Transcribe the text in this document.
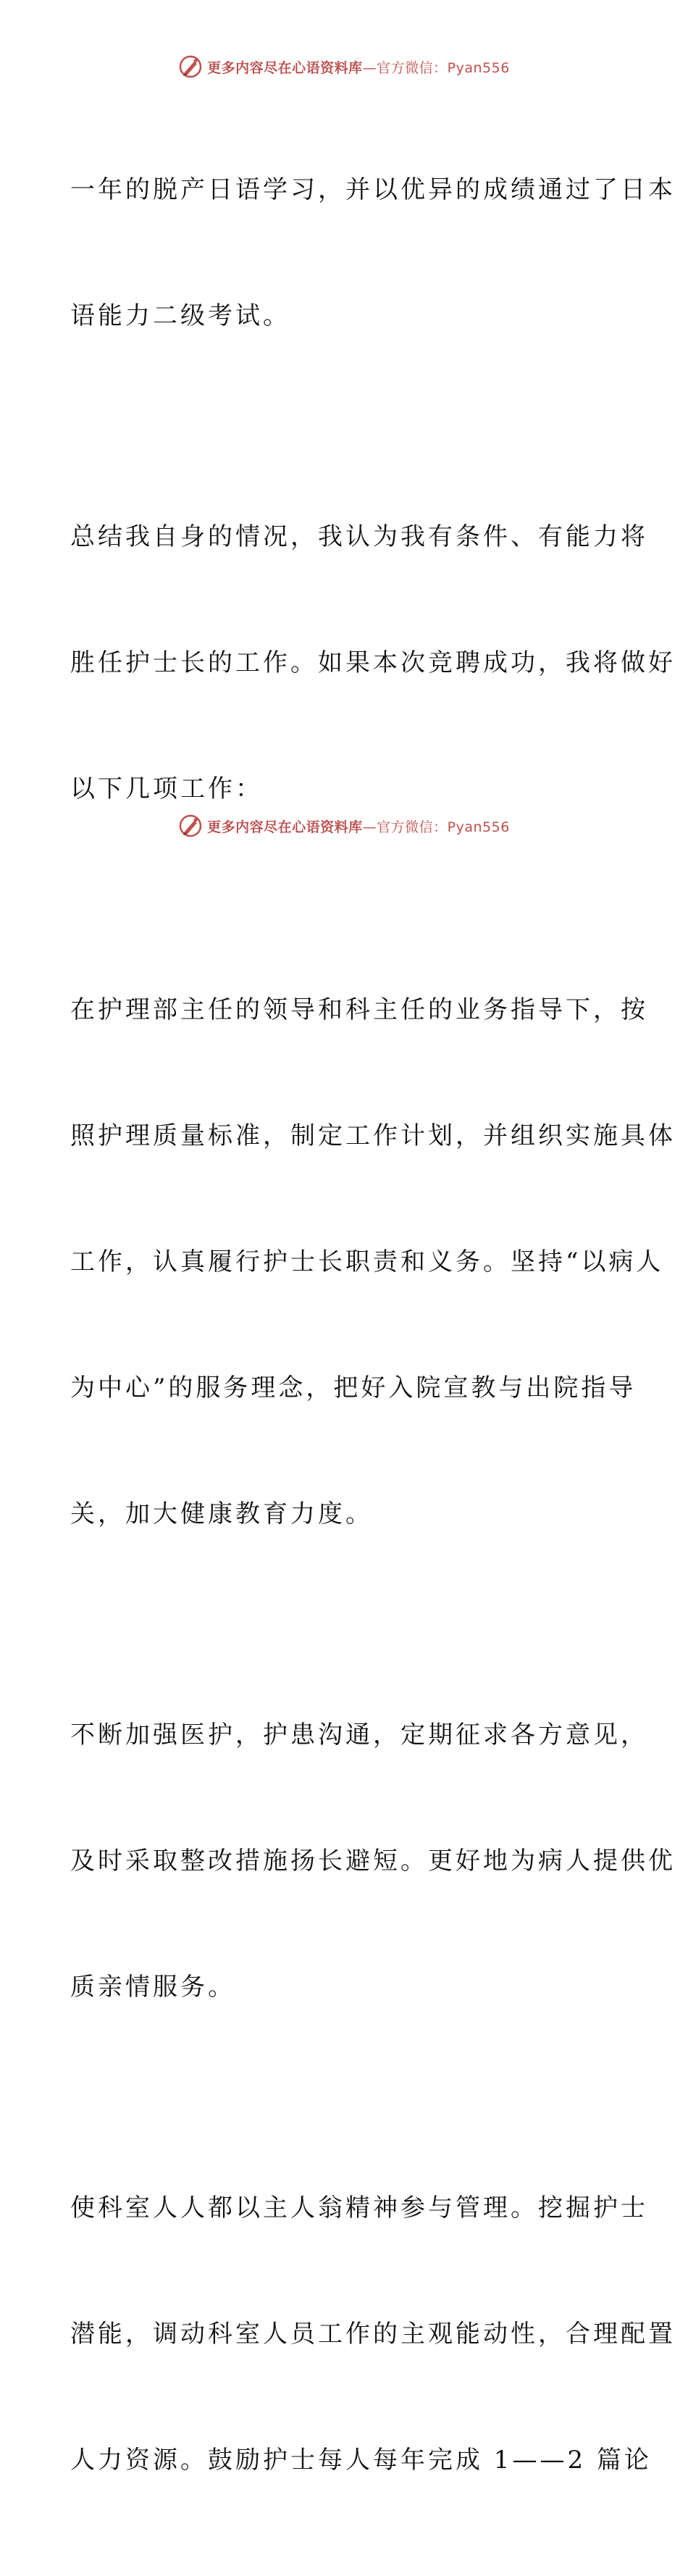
更多内容尽在心语资料库—官方微信：Pyan556

一年的脱产日语学习，并以优异的成绩通过了日本

语能力二级考试。

总结我自身的情况，我认为我有条件、有能力将

胜任护士长的工作。如果本次竞聘成功，我将做好

以下几项工作：

在护理部主任的领导和科主任的业务指导下，按

照护理质量标准，制定工作计划，并组织实施具体

工作，认真履行护士长职责和义务。坚持“以病人

为中心”的服务理念，把好入院宣教与出院指导

关，加大健康教育力度。

不断加强医护，护患沟通，定期征求各方意见，

及时采取整改措施扬长避短。更好地为病人提供优

质亲情服务。

使科室人人都以主人翁精神参与管理。挖掘护士

潜能，调动科室人员工作的主观能动性，合理配置

人力资源。鼓励护士每人每年完成 1——2 篇论

更多内容尽在心语资料库—官方微信：Pyan556
